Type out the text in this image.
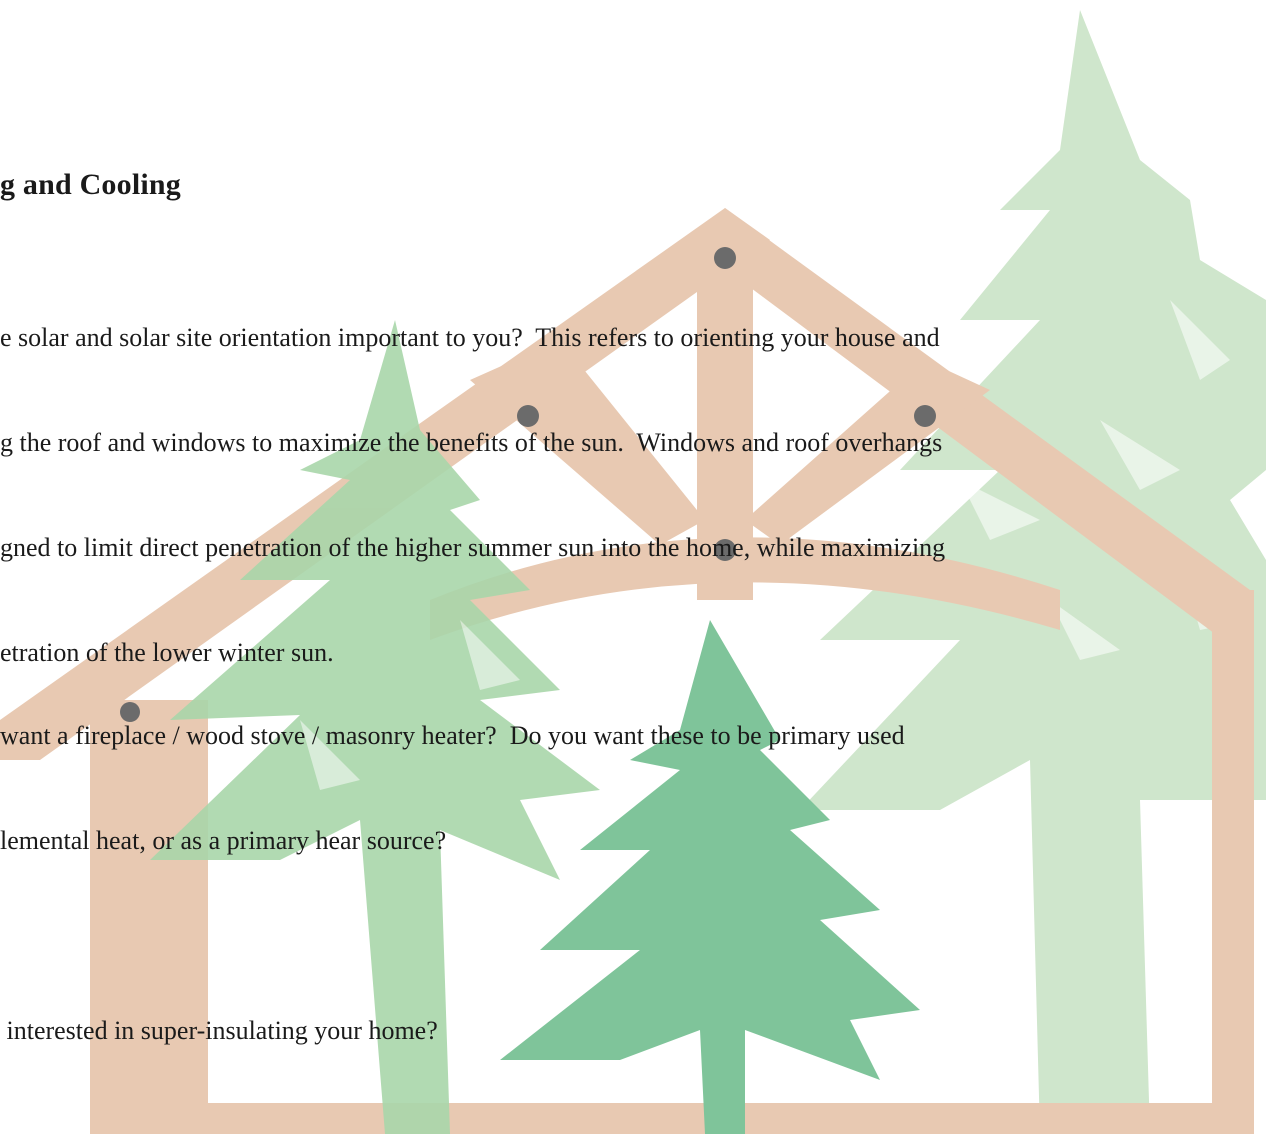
g and Cooling

e solar and solar site orientation important to you?  This refers to orienting your house and

g the roof and windows to maximize the benefits of the sun.  Windows and roof overhangs

gned to limit direct penetration of the higher summer sun into the home, while maximizing

etration of the lower winter sun.

want a fireplace / wood stove / masonry heater?  Do you want these to be primary used

lemental heat, or as a primary hear source?

interested in super-insulating your home?
